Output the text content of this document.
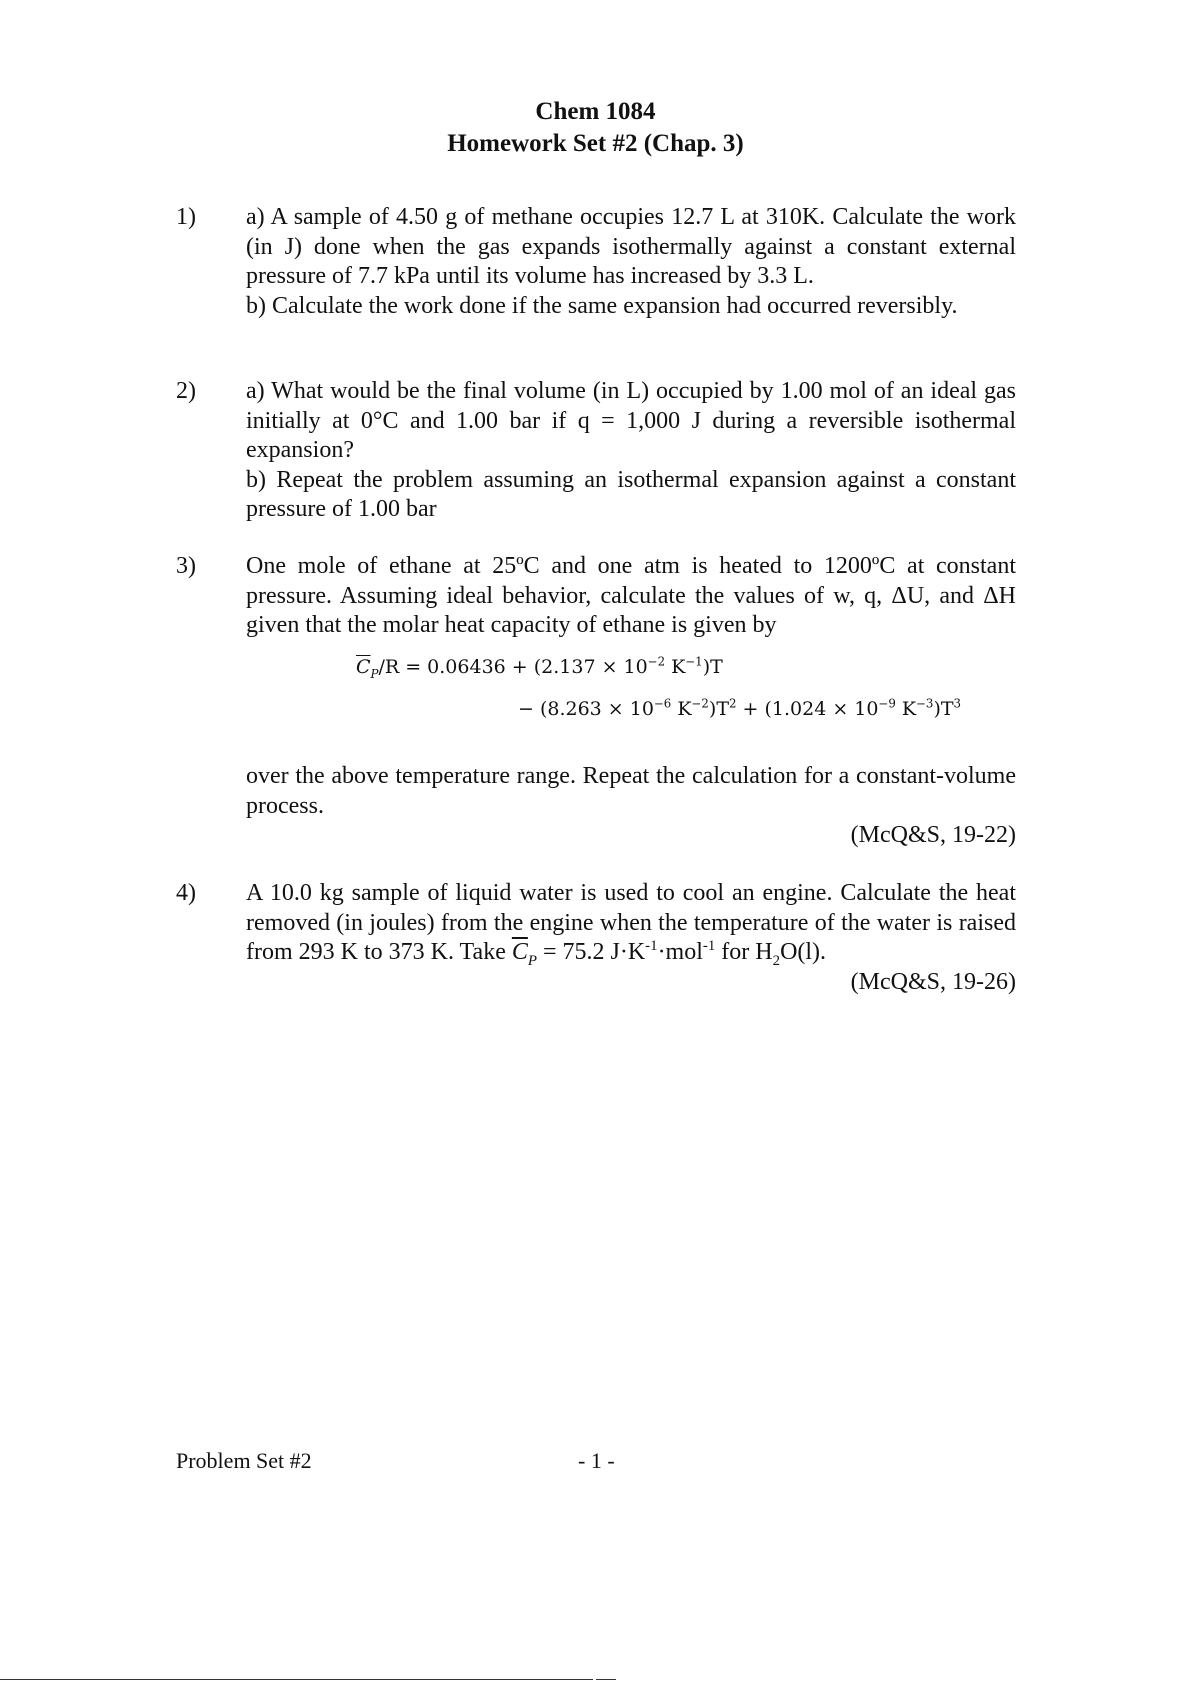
Chem 1084
Homework Set #2 (Chap. 3)
1) a) A sample of 4.50 g of methane occupies 12.7 L at 310K. Calculate the work (in J) done when the gas expands isothermally against a constant external pressure of 7.7 kPa until its volume has increased by 3.3 L.

b) Calculate the work done if the same expansion had occurred reversibly.

2) a) What would be the final volume (in L) occupied by 1.00 mol of an ideal gas initially at 0°C and 1.00 bar if q = 1,000 J during a reversible isothermal expansion?

b) Repeat the problem assuming an isothermal expansion against a constant pressure of 1.00 bar

3) One mole of ethane at 25ºC and one atm is heated to 1200ºC at constant pressure. Assuming ideal behavior, calculate the values of w, q, ΔU, and ΔH given that the molar heat capacity of ethane is given by
$\overline{C}_P/R = 0.06436 + (2.137 \times 10^{-2}$ $K^{-1})T$
− ($8.263 \times 10^{-6}$ $K^{-2})T^2 + (1.024 \times 10^{-9}$ $K^{-3})T^3$

over the above temperature range. Repeat the calculation for a constant-volume process.

(McQ&S, 19-22)

4) A 10.0 kg sample of liquid water is used to cool an engine. Calculate the heat removed (in joules) from the engine when the temperature of the water is raised from 293 K to 373 K. Take $\overline{C}_P = 75.2$ $J\cdot K^{-1}\cdot mol^{-1}$ for $H_2O(l)$.

(McQ&S, 19-26)

Problem Set #2	- 1 -
